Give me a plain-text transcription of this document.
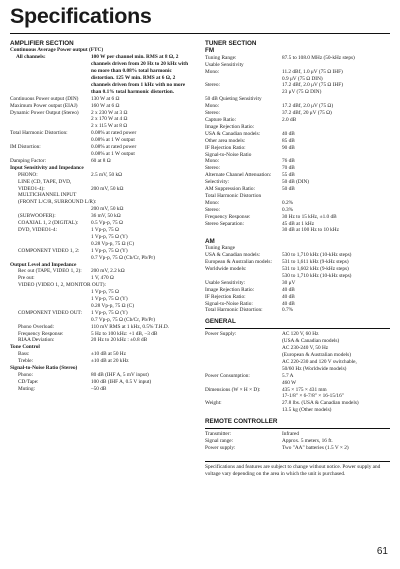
Specifications
AMPLIFIER SECTION
Continuous Average Power output (FTC)
All channels:	100 W per channel min. RMS at 8 Ω, 2 channels driven from 20 Hz to 20 kHz with no more than 0.08% total harmonic distortion. 125 W min. RMS at 6 Ω, 2 channels driven from 1 kHz with no more than 0.1% total harmonic distortion.
Continuous Power output (DIN)	130 W at 6 Ω
Maximum Power output (EIAJ)	160 W at 6 Ω
Dynamic Power Output (Stereo)	2 x 230 W at 3 Ω
2 x 170 W at 4 Ω
2 x 115 W at 8 Ω
Total Harmonic Distortion:	0.08% at rated power
0.08% at 1 W output
IM Distortion:	0.08% at rated power
0.08% at 1 W output
Damping Factor:	60 at 8 Ω
Input Sensitivity and Impedance
PHONO:	2.5 mV, 50 kΩ
LINE (CD, TAPE, DVD,
VIDEO1-4):	200 mV, 50 kΩ
MULTICHANNEL INPUT
(FRONT L/C/R, SURROUND L/R):
200 mV, 50 kΩ
(SUBWOOFER):	36 mV, 50 kΩ
COAXIAL 1, 2 (DIGITAL):	0.5 Vp-p, 75 Ω
DVD, VIDEO1-4:	1 Vp-p, 75 Ω
1 Vp-p, 75 Ω (Y)
0.28 Vp-p, 75 Ω (C)
COMPONENT VIDEO 1, 2:	1 Vp-p, 75 Ω (Y)
0.7 Vp-p, 75 Ω (Cb/Cr, Pb/Pr)
Output Level and Impedance
Rec out (TAPE, VIDEO 1, 2):	200 mV, 2.2 kΩ
Pre out:	1 V, 470 Ω
VIDEO (VIDEO 1, 2, MONITOR OUT):
1 Vp-p, 75 Ω
1 Vp-p, 75 Ω (Y)
0.28 Vp-p, 75 Ω (C)
COMPONENT VIDEO OUT:	1 Vp-p, 75 Ω (Y)
0.7 Vp-p, 75 Ω (Cb/Cr, Pb/Pr)
Phono Overload:	110 mV RMS at 1 kHz, 0.5% T.H.D.
Frequency Response:	5 Hz to 100 kHz: +1 dB, –3 dB
RIAA Deviation:	20 Hz to 20 kHz : ±0.8 dB
Tone Control
Bass:	±10 dB at 50 Hz
Treble:	±10 dB at 20 kHz
Signal-to-Noise Ratio (Stereo)
Phono:	80 dB (IHF A, 5 mV input)
CD/Tape:	100 dB (IHF A, 0.5 V input)
Muting:	–50 dB
TUNER SECTION
FM
Tuning Range:	87.5 to 108.0 MHz (50-kHz steps)
Usable Sensitivity
Mono:	11.2 dBf, 1.0 μV (75 Ω IHF)
0.9 μV (75 Ω DIN)
Stereo:	17.2 dBf, 2.0 μV (75 Ω IHF)
23 μV (75 Ω DIN)
50 dB Quieting Sensitivity
Mono:	17.2 dBf, 2.0 μV (75 Ω)
Stereo:	37.2 dBf, 20 μV (75 Ω)
Capture Ratio:	2.0 dB
Image Rejection Ratio:
USA & Canadian models:	40 dB
Other area models:	85 dB
IF Rejection Ratio:	90 dB
Signal-to-Noise Ratio
Mono:	76 dB
Stereo:	70 dB
Alternate Channel Attenuation:	55 dB
Selectivity:	50 dB (DIN)
AM Suppression Ratio:	50 dB
Total Harmonic Distortion
Mono:	0.2%
Stereo:	0.3%
Frequency Response:	30 Hz to 15 kHz, ±1.0 dB
Stereo Separation:	45 dB at 1 kHz
30 dB at 100 Hz to 10 kHz
AM
Tuning Range
USA & Canadian models:	530 to 1,710 kHz (10-kHz steps)
European & Australian models:	531 to 1,611 kHz (9-kHz steps)
Worldwide models:	531 to 1,602 kHz (9-kHz steps)
530 to 1,710 kHz (10-kHz steps)
Usable Sensitivity:	30 μV
Image Rejection Ratio:	40 dB
IF Rejection Ratio:	40 dB
Signal-to-Noise Ratio:	40 dB
Total Harmonic Distortion:	0.7%
GENERAL
Power Supply:	AC 120 V, 60 Hz
(USA & Canadian models)
AC 230-240 V, 50 Hz
(European & Australian models)
AC 220-230 and 120 V switchable,
50/60 Hz (Worldwide models)
Power Consumption:	5.7 A
460 W
Dimensions (W × H × D):	435 × 175 × 431 mm
17-1/8" × 6-7/8" × 16-15/16"
Weight:	27.8 lbs. (USA & Canadian models)
13.5 kg (Other models)
REMOTE CONTROLLER
Transmitter:	Infrared
Signal range:	Approx. 5 meters, 16 ft.
Power supply:	Two "AA" batteries (1.5 V × 2)
Specifications and features are subject to change without notice. Power supply and voltage vary depending on the area in which the unit is purchased.
61
